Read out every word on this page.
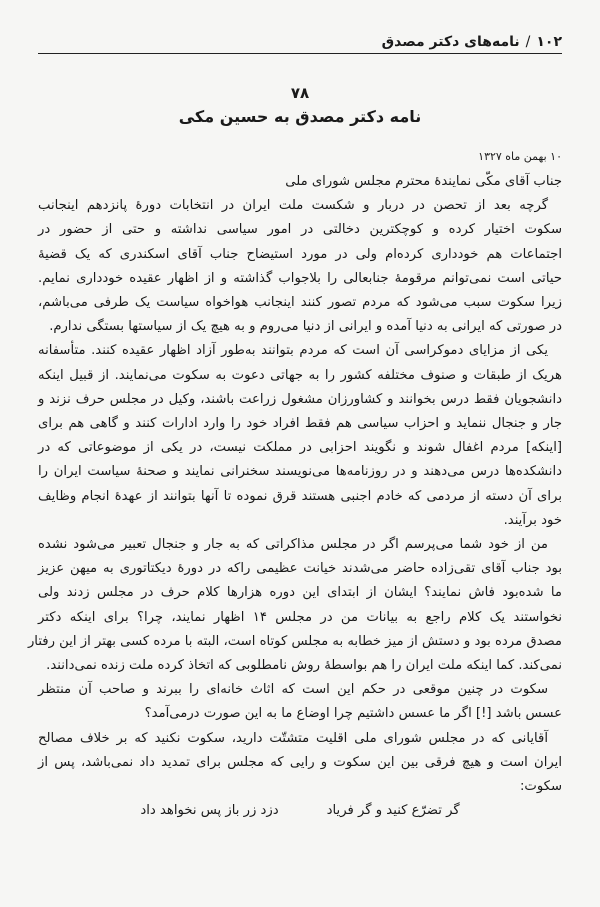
۱۰۲
/
نامه‌های دکتر مصدق
۷۸
نامه دکتر مصدق به حسین مکی
۱۰ بهمن ماه ۱۳۲۷
جناب آقای مکّی نمایندهٔ محترم مجلس شورای ملی
گرچه بعد از تحصن در دربار و شکست ملت ایران در انتخابات دورهٔ پانزدهم اینجانب
سکوت اختیار کرده و کوچکترین دخالتی در امور سیاسی نداشته و حتی از حضور در
اجتماعات هم خودداری کرده‌ام ولی در مورد استیضاح جناب آقای اسکندری که یک قضیهٔ
حیاتی است نمی‌توانم مرقومهٔ جنابعالی را بلاجواب گذاشته و از اظهار عقیده خودداری نمایم.
زیرا سکوت سبب می‌شود که مردم تصور کنند اینجانب هواخواه سیاست یک طرفی می‌باشم،
در صورتی که ایرانی به دنیا آمده و ایرانی از دنیا می‌روم و به هیچ یک از سیاستها بستگی ندارم.
یکی از مزایای دموکراسی آن است که مردم بتوانند به‌طور آزاد اظهار عقیده کنند. متأسفانه
هریک از طبقات و صنوف مختلفه کشور را به جهاتی دعوت به سکوت می‌نمایند. از قبیل اینکه
دانشجویان فقط درس بخوانند و کشاورزان مشغول زراعت باشند، وکیل در مجلس حرف نزند و
جار و جنجال ننماید و احزاب سیاسی هم فقط افراد خود را وارد ادارات کنند و گاهی هم برای
[اینکه] مردم اغفال شوند و نگویند احزابی در مملکت نیست، در یکی از موضوعاتی که در
دانشکده‌ها درس می‌دهند و در روزنامه‌ها می‌نویسند سخنرانی نمایند و صحنهٔ سیاست ایران را
برای آن دسته از مردمی که خادم اجنبی هستند قرق نموده تا آنها بتوانند از عهدهٔ انجام وظایف
خود برآیند.
من از خود شما می‌پرسم اگر در مجلس مذاکراتی که به جار و جنجال تعبیر می‌شود نشده
بود جناب آقای تقی‌زاده حاضر می‌شدند خیانت عظیمی راکه در دورهٔ دیکتاتوری به میهن عزیز
ما شده‌بود فاش نمایند؟ ایشان از ابتدای این دوره هزارها کلام حرف در مجلس زدند ولی
نخواستند یک کلام راجع به بیانات من در مجلس ۱۴ اظهار نمایند، چرا؟ برای اینکه دکتر
مصدق مرده بود و دستش از میز خطابه به مجلس کوتاه است، البته با مرده کسی بهتر از این رفتار
نمی‌کند. کما اینکه ملت ایران را هم بواسطهٔ روش نامطلوبی که اتخاذ کرده ملت زنده نمی‌دانند.
سکوت در چنین موقعی در حکم این است که اثاث خانه‌ای را ببرند و صاحب آن منتظر
عسس باشد [!] اگر ما عسس داشتیم چرا اوضاع ما به این صورت درمی‌آمد؟
آقایانی که در مجلس شورای ملی اقلیت متشتّت دارید، سکوت نکنید که بر خلاف مصالح
ایران است و هیچ فرقی بین این سکوت و رایی که مجلس برای تمدید داد نمی‌باشد، پس از
سکوت:
گر تضرّع کنید و گر فریاد
دزد زر باز پس نخواهد داد
